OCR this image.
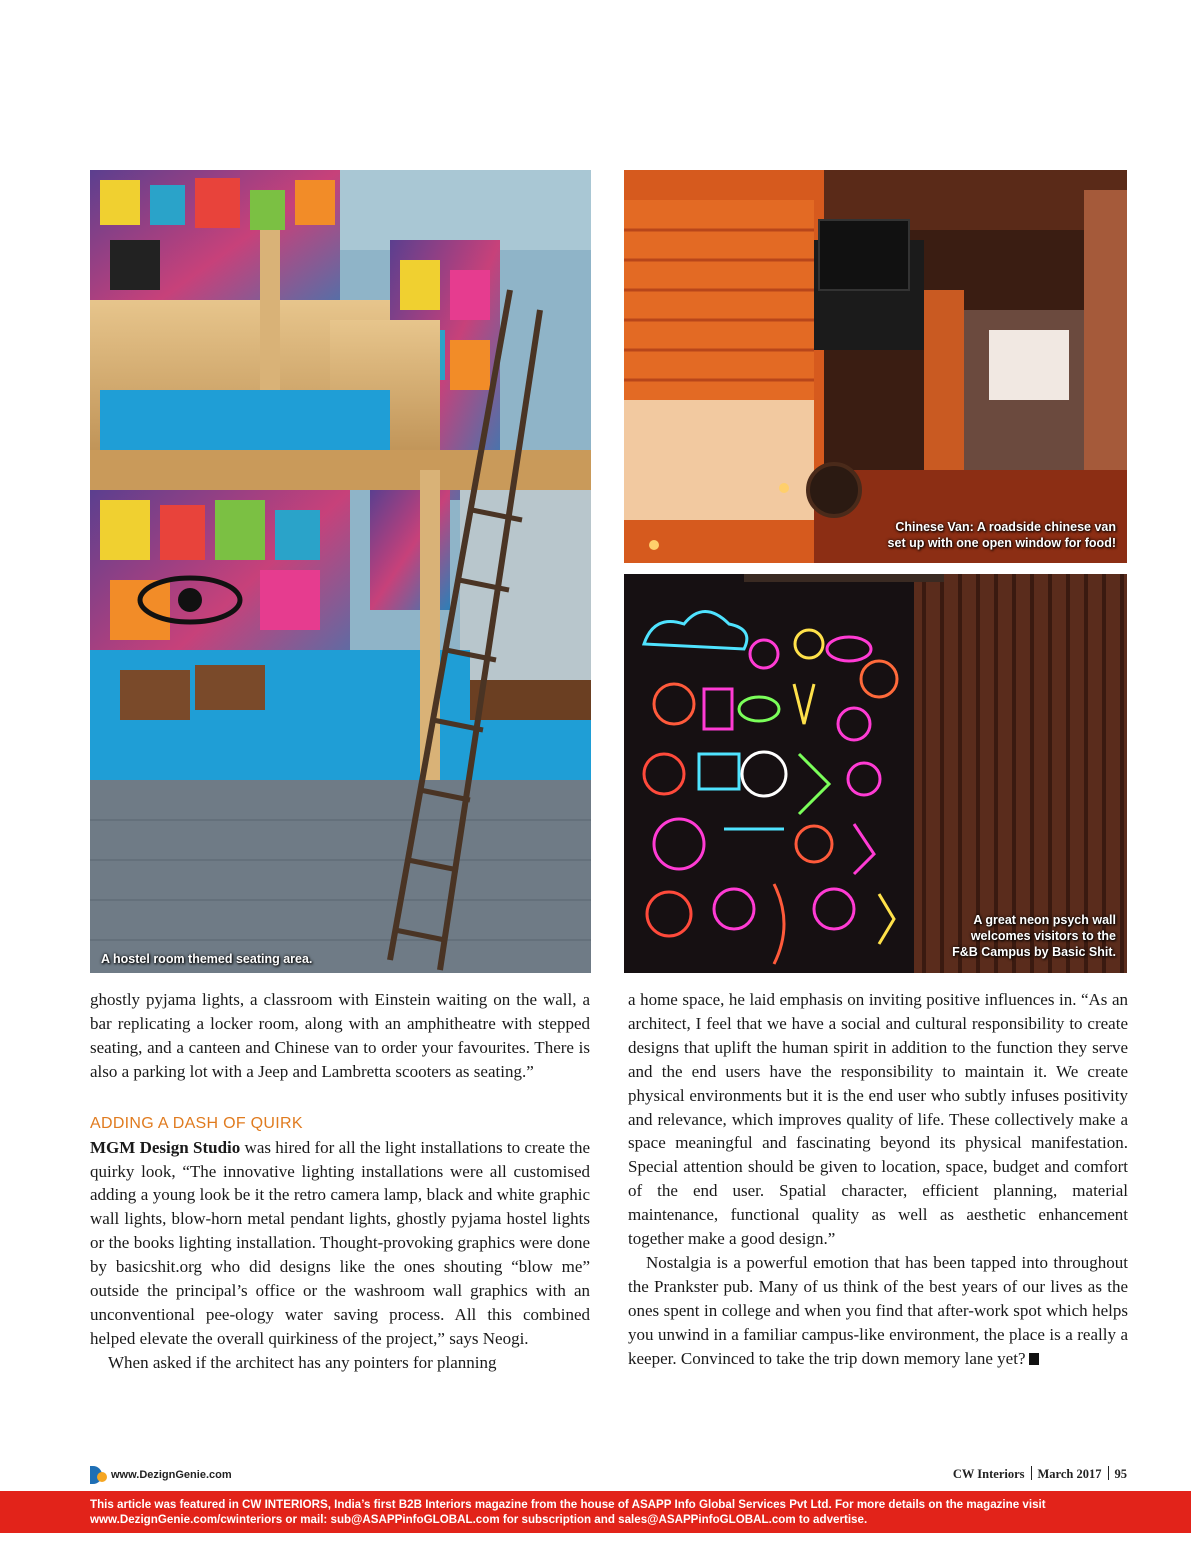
A hostel room themed seating area.
Chinese Van: A roadside chinese van
set up with one open window for food!
A great neon psych wall
welcomes visitors to the
F&B Campus by Basic Shit.

ghostly pyjama lights, a classroom with Einstein waiting on the wall, a bar replicating a locker room, along with an amphitheatre with stepped seating, and a canteen and Chinese van to order your favourites. There is also a parking lot with a Jeep and Lambretta scooters as seating.”

ADDING A DASH OF QUIRK

MGM Design Studio was hired for all the light installations to create the quirky look, “The innovative lighting installations were all customised adding a young look be it the retro camera lamp, black and white graphic wall lights, blow-horn metal pendant lights, ghostly pyjama hostel lights or the books lighting installation. Thought-provoking graphics were done by basicshit.org who did designs like the ones shouting “blow me” outside the principal’s office or the washroom wall graphics with an unconventional pee-ology water saving process. All this combined helped elevate the overall quirkiness of the project,” says Neogi.

When asked if the architect has any pointers for planning

a home space, he laid emphasis on inviting positive influences in. “As an architect, I feel that we have a social and cultural responsibility to create designs that uplift the human spirit in addition to the function they serve and the end users have the responsibility to maintain it. We create physical environments but it is the end user who subtly infuses positivity and relevance, which improves quality of life. These collectively make a space meaningful and fascinating beyond its physical manifestation. Special attention should be given to location, space, budget and comfort of the end user. Spatial character, efficient planning, material maintenance, functional quality as well as aesthetic enhancement together make a good design.”

Nostalgia is a powerful emotion that has been tapped into throughout the Prankster pub. Many of us think of the best years of our lives as the ones spent in college and when you find that after-work spot which helps you unwind in a familiar campus-like environment, the place is a really a keeper. Convinced to take the trip down memory lane yet?

www.DezignGenie.com	CW Interiors March 2017 95
This article was featured in CW INTERIORS, India’s first B2B Interiors magazine from the house of ASAPP Info Global Services Pvt Ltd. For more details on the magazine visit www.DezignGenie.com/cwinteriors or mail: sub@ASAPPinfoGLOBAL.com for subscription and sales@ASAPPinfoGLOBAL.com to advertise.
